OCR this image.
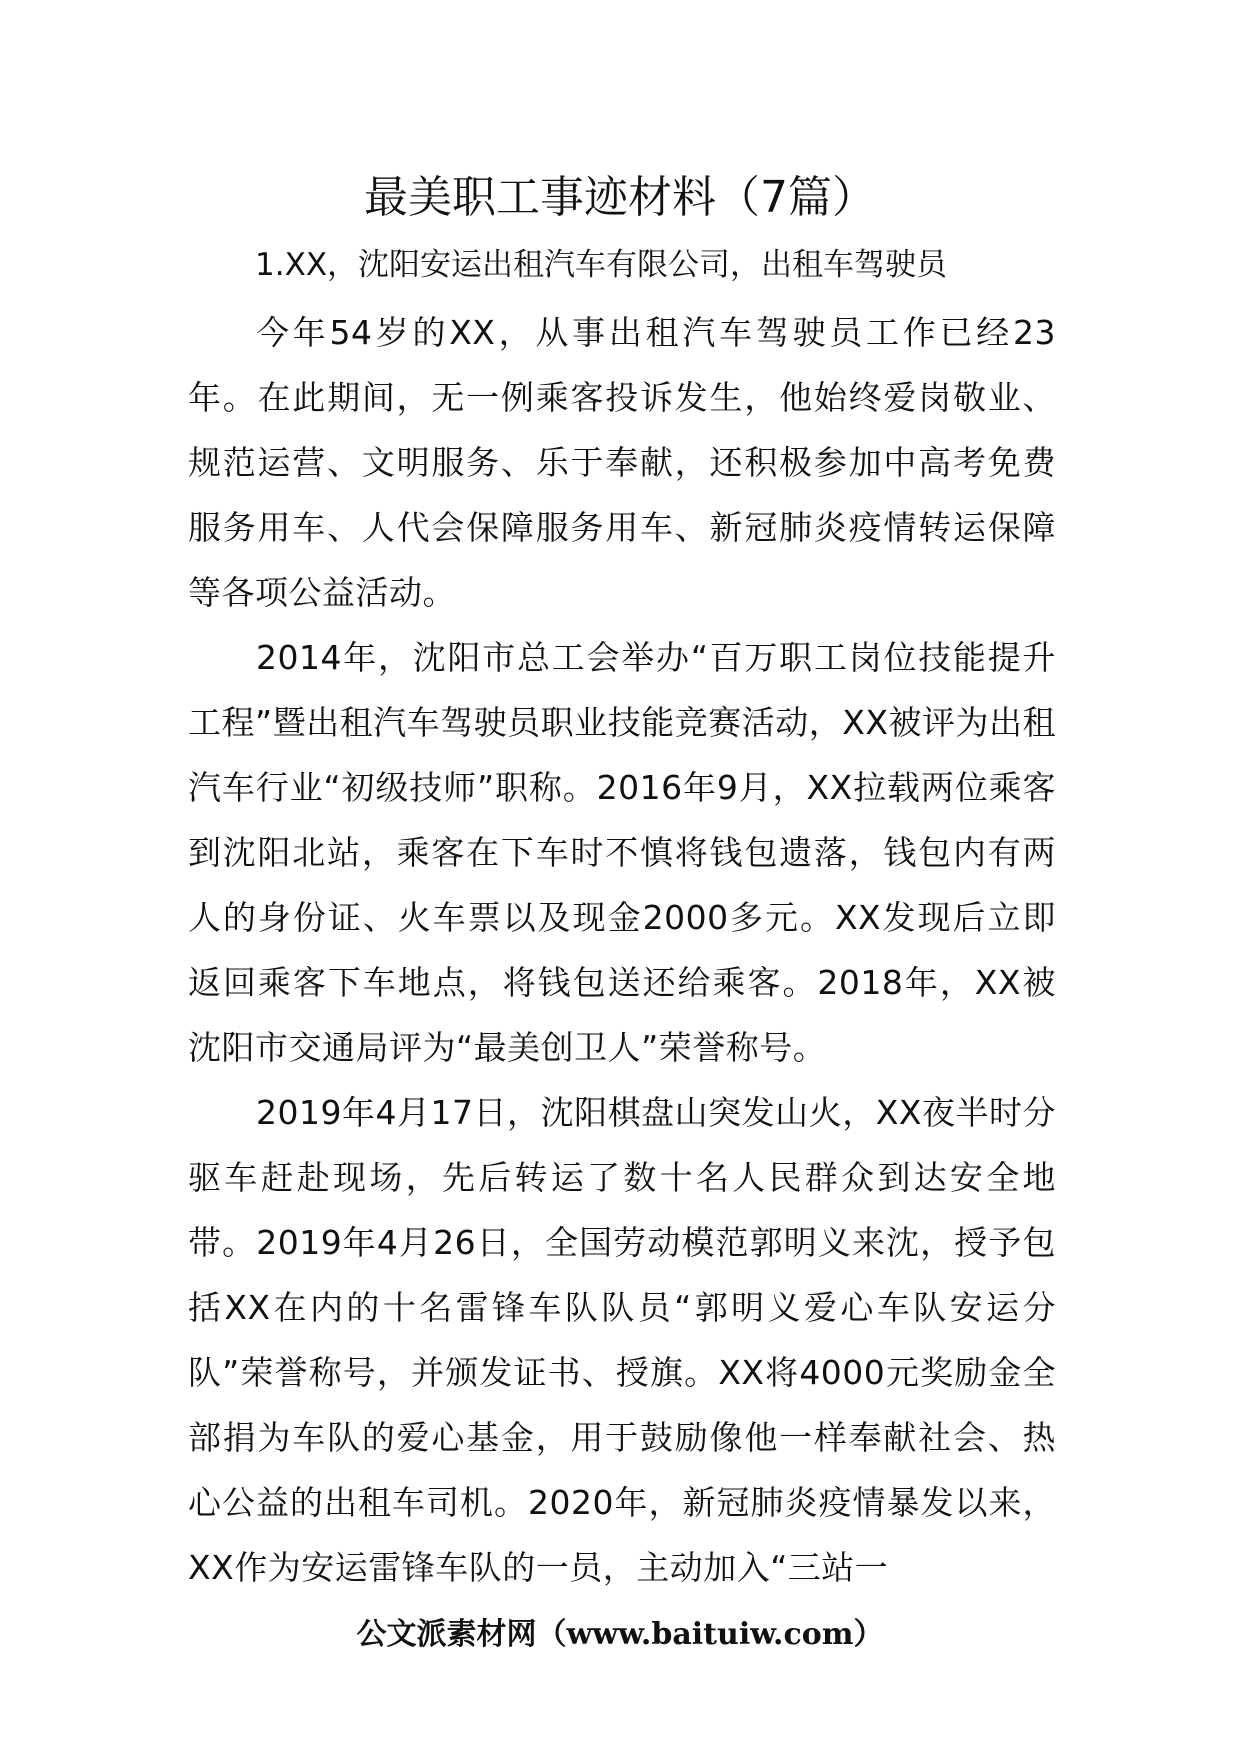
最美职工事迹材料（7篇）

1.XX，沈阳安运出租汽车有限公司，出租车驾驶员

今年54岁的XX，从事出租汽车驾驶员工作已经23年。在此期间，无一例乘客投诉发生，他始终爱岗敬业、规范运营、文明服务、乐于奉献，还积极参加中高考免费服务用车、人代会保障服务用车、新冠肺炎疫情转运保障等各项公益活动。

2014年，沈阳市总工会举办“百万职工岗位技能提升工程”暨出租汽车驾驶员职业技能竞赛活动，XX被评为出租汽车行业“初级技师”职称。2016年9月，XX拉载两位乘客到沈阳北站，乘客在下车时不慎将钱包遗落，钱包内有两人的身份证、火车票以及现金2000多元。XX发现后立即返回乘客下车地点，将钱包送还给乘客。2018年，XX被沈阳市交通局评为“最美创卫人”荣誉称号。

2019年4月17日，沈阳棋盘山突发山火，XX夜半时分驱车赶赴现场，先后转运了数十名人民群众到达安全地带。2019年4月26日，全国劳动模范郭明义来沈，授予包括XX在内的十名雷锋车队队员“郭明义爱心车队安运分队”荣誉称号，并颁发证书、授旗。XX将4000元奖励金全部捐为车队的爱心基金，用于鼓励像他一样奉献社会、热心公益的出租车司机。2020年，新冠肺炎疫情暴发以来，XX作为安运雷锋车队的一员，主动加入“三站一

公文派素材网（www.baituiw.com）
